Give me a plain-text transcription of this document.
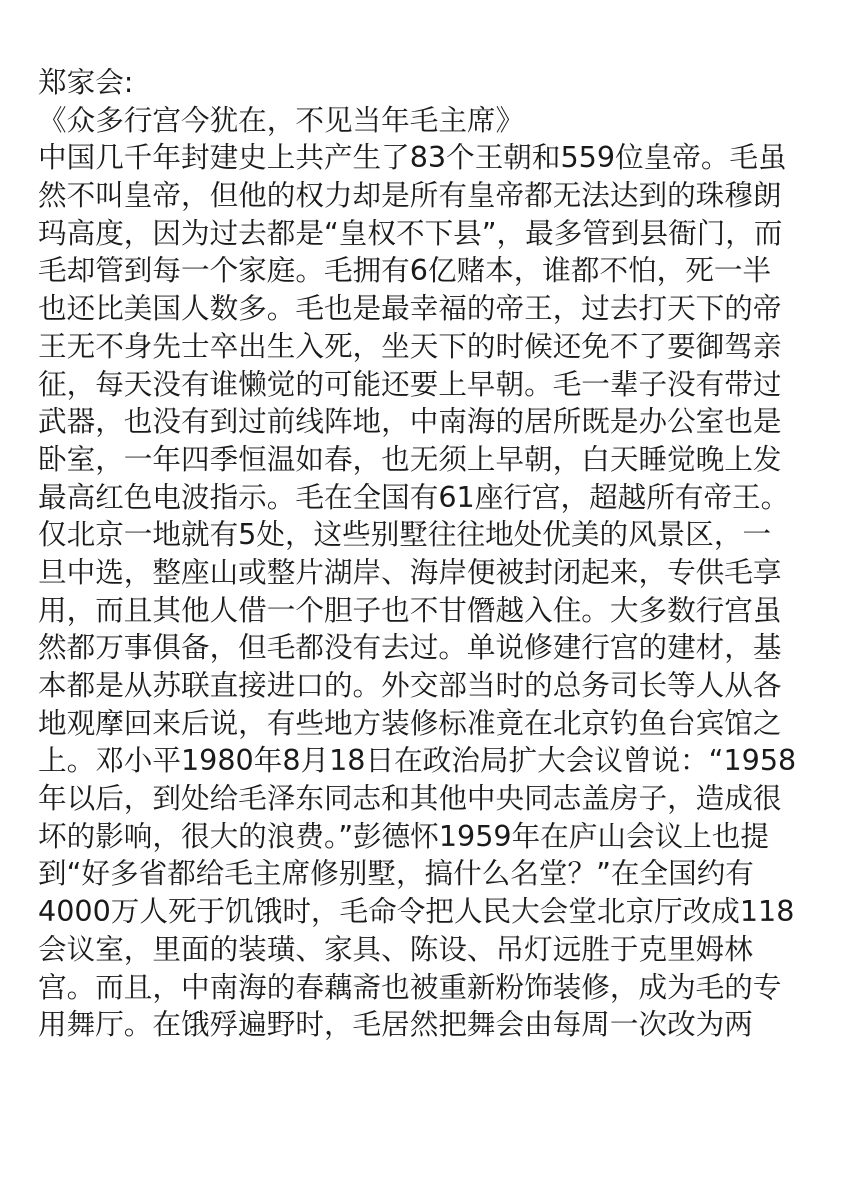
郑家会:
《众多行宫今犹在，不见当年毛主席》
中国几千年封建史上共产生了83个王朝和559位皇帝。毛虽
然不叫皇帝，但他的权力却是所有皇帝都无法达到的珠穆朗
玛高度，因为过去都是“皇权不下县”，最多管到县衙门，而
毛却管到每一个家庭。毛拥有6亿赌本，谁都不怕，死一半
也还比美国人数多。毛也是最幸福的帝王，过去打天下的帝
王无不身先士卒出生入死，坐天下的时候还免不了要御驾亲
征，每天没有谁懒觉的可能还要上早朝。毛一辈子没有带过
武器，也没有到过前线阵地，中南海的居所既是办公室也是
卧室，一年四季恒温如春，也无须上早朝，白天睡觉晚上发
最高红色电波指示。毛在全国有61座行宫，超越所有帝王。
仅北京一地就有5处，这些别墅往往地处优美的风景区，一
旦中选，整座山或整片湖岸、海岸便被封闭起来，专供毛享
用，而且其他人借一个胆子也不甘僭越入住。大多数行宫虽
然都万事俱备，但毛都没有去过。单说修建行宫的建材，基
本都是从苏联直接进口的。外交部当时的总务司长等人从各
地观摩回来后说，有些地方装修标准竟在北京钓鱼台宾馆之
上。邓小平1980年8月18日在政治局扩大会议曾说：“1958
年以后，到处给毛泽东同志和其他中央同志盖房子，造成很
坏的影响，很大的浪费。”彭德怀1959年在庐山会议上也提
到“好多省都给毛主席修别墅，搞什么名堂？”在全国约有
4000万人死于饥饿时，毛命令把人民大会堂北京厅改成118
会议室，里面的装璜、家具、陈设、吊灯远胜于克里姆林
宫。而且，中南海的春藕斋也被重新粉饰装修，成为毛的专
用舞厅。在饿殍遍野时，毛居然把舞会由每周一次改为两
